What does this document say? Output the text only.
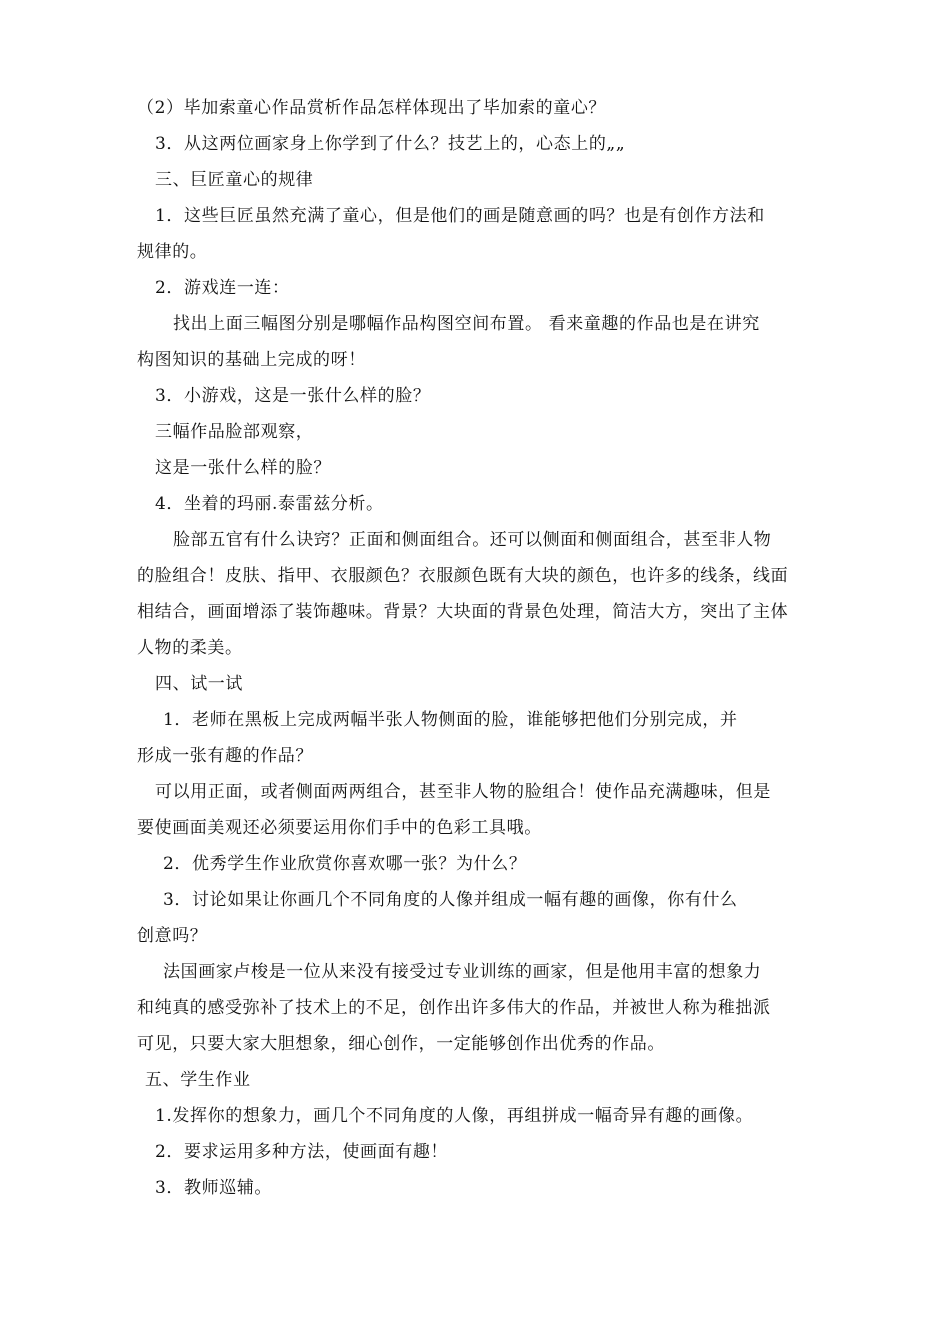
（2）毕加索童心作品赏析作品怎样体现出了毕加索的童心？
3．从这两位画家身上你学到了什么？技艺上的，心态上的„„
三、巨匠童心的规律
1．这些巨匠虽然充满了童心，但是他们的画是随意画的吗？也是有创作方法和
规律的。
2．游戏连一连：
找出上面三幅图分别是哪幅作品构图空间布置。 看来童趣的作品也是在讲究
构图知识的基础上完成的呀！
3．小游戏，这是一张什么样的脸？
三幅作品脸部观察，
这是一张什么样的脸？
4．坐着的玛丽.泰雷兹分析。
脸部五官有什么诀窍？正面和侧面组合。还可以侧面和侧面组合，甚至非人物
的脸组合！皮肤、指甲、衣服颜色？衣服颜色既有大块的颜色，也许多的线条，线面
相结合，画面增添了装饰趣味。背景？大块面的背景色处理，简洁大方，突出了主体
人物的柔美。
四、试一试
1．老师在黑板上完成两幅半张人物侧面的脸，谁能够把他们分别完成，并
形成一张有趣的作品？
可以用正面，或者侧面两两组合，甚至非人物的脸组合！使作品充满趣味，但是
要使画面美观还必须要运用你们手中的色彩工具哦。
2．优秀学生作业欣赏你喜欢哪一张？为什么？
3．讨论如果让你画几个不同角度的人像并组成一幅有趣的画像，你有什么
创意吗？
法国画家卢梭是一位从来没有接受过专业训练的画家，但是他用丰富的想象力
和纯真的感受弥补了技术上的不足，创作出许多伟大的作品，并被世人称为稚拙派
可见，只要大家大胆想象，细心创作，一定能够创作出优秀的作品。
五、学生作业
1.发挥你的想象力，画几个不同角度的人像，再组拼成一幅奇异有趣的画像。
2．要求运用多种方法，使画面有趣！
3．教师巡辅。
